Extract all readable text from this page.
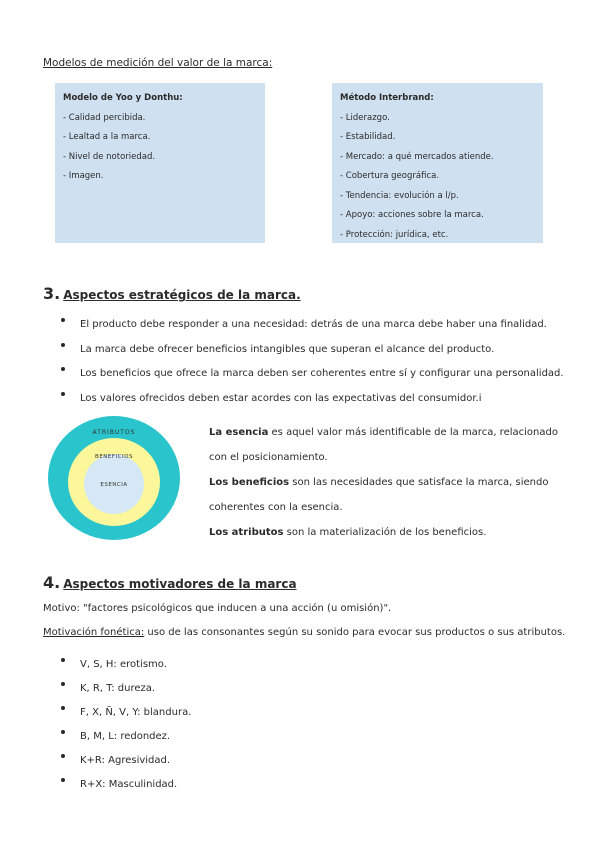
Modelos de medición del valor de la marca:
Modelo de Yoo y Donthu:
- Calidad percibida.
- Lealtad a la marca.
- Nivel de notoriedad.
- Imagen.
Método Interbrand:
- Liderazgo.
- Estabilidad.
- Mercado: a qué mercados atiende.
- Cobertura geográfica.
- Tendencia: evolución a l/p.
- Apoyo: acciones sobre la marca.
- Protección: jurídica, etc.
3. Aspectos estratégicos de la marca.
El producto debe responder a una necesidad: detrás de una marca debe haber una finalidad.
La marca debe ofrecer beneficios intangibles que superan el alcance del producto.
Los beneficios que ofrece la marca deben ser coherentes entre sí y configurar una personalidad.
Los valores ofrecidos deben estar acordes con las expectativas del consumidor.i
ATRIBUTOS
BENEFICIOS
ESENCIA
La esencia es aquel valor más identificable de la marca, relacionado con el posicionamiento.
Los beneficios son las necesidades que satisface la marca, siendo coherentes con la esencia.
Los atributos son la materialización de los beneficios.
4. Aspectos motivadores de la marca
Motivo: "factores psicológicos que inducen a una acción (u omisión)".
Motivación fonética: uso de las consonantes según su sonido para evocar sus productos o sus atributos.
V, S, H: erotismo.
K, R, T: dureza.
F, X, Ñ, V, Y: blandura.
B, M, L: redondez.
K+R: Agresividad.
R+X: Masculinidad.
